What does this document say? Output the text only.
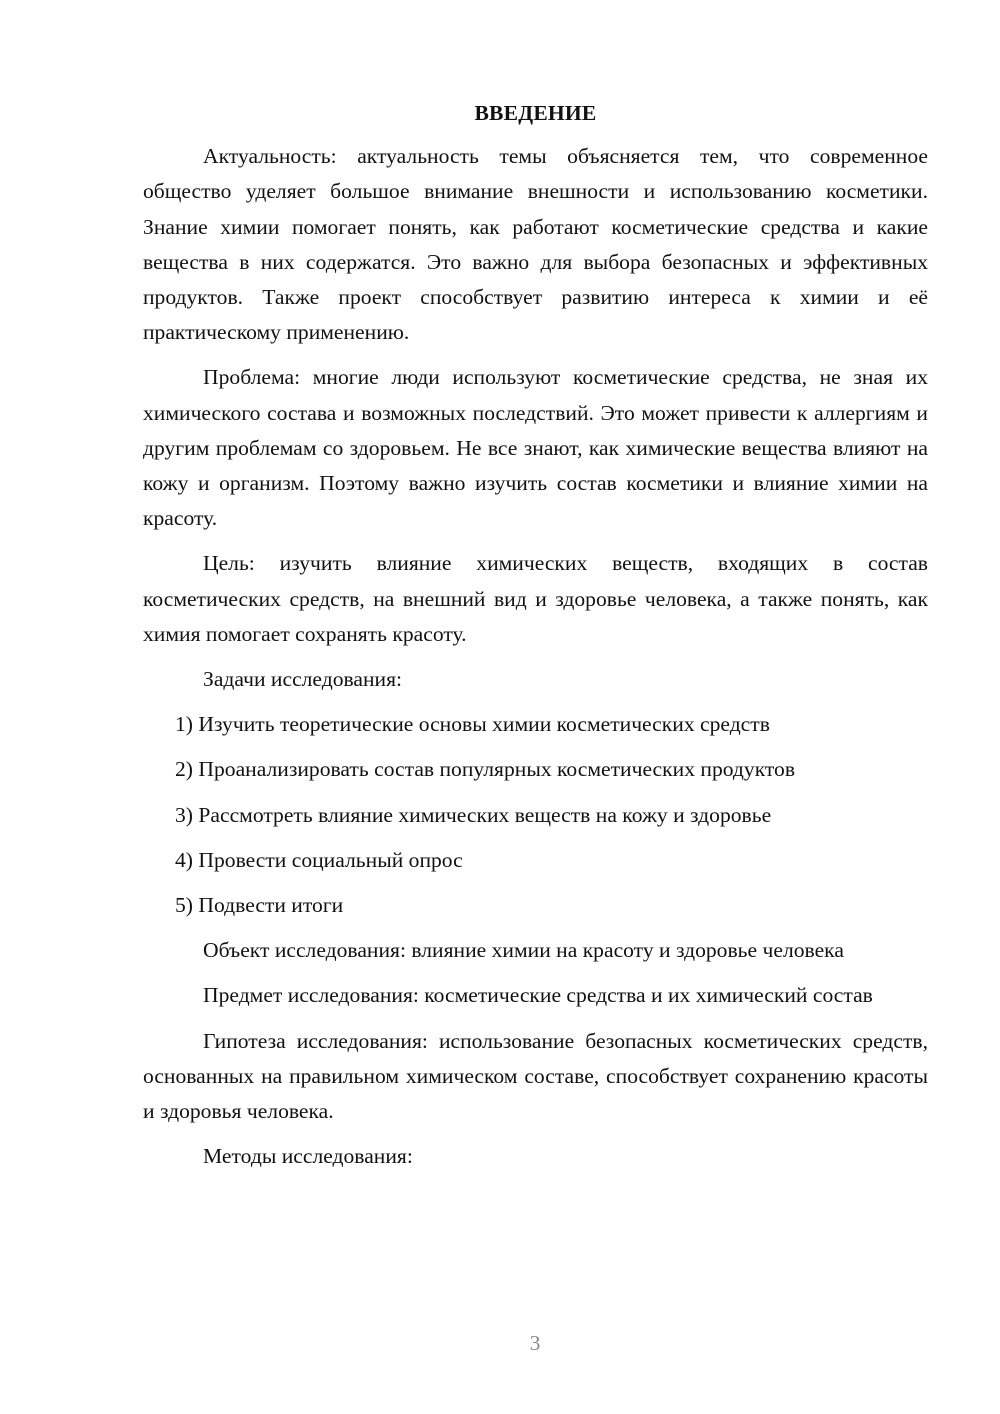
ВВЕДЕНИЕ

Актуальность: актуальность темы объясняется тем, что современное общество уделяет большое внимание внешности и использованию косметики. Знание химии помогает понять, как работают косметические средства и какие вещества в них содержатся. Это важно для выбора безопасных и эффективных продуктов. Также проект способствует развитию интереса к химии и её практическому применению.

Проблема: многие люди используют косметические средства, не зная их химического состава и возможных последствий. Это может привести к аллергиям и другим проблемам со здоровьем. Не все знают, как химические вещества влияют на кожу и организм. Поэтому важно изучить состав косметики и влияние химии на красоту.

Цель: изучить влияние химических веществ, входящих в состав косметических средств, на внешний вид и здоровье человека, а также понять, как химия помогает сохранять красоту.

Задачи исследования:

1) Изучить теоретические основы химии косметических средств

2) Проанализировать состав популярных косметических продуктов

3) Рассмотреть влияние химических веществ на кожу и здоровье

4) Провести социальный опрос

5) Подвести итоги

Объект исследования: влияние химии на красоту и здоровье человека

Предмет исследования: косметические средства и их химический состав

Гипотеза исследования: использование безопасных косметических средств, основанных на правильном химическом составе, способствует сохранению красоты и здоровья человека.

Методы исследования:

3
